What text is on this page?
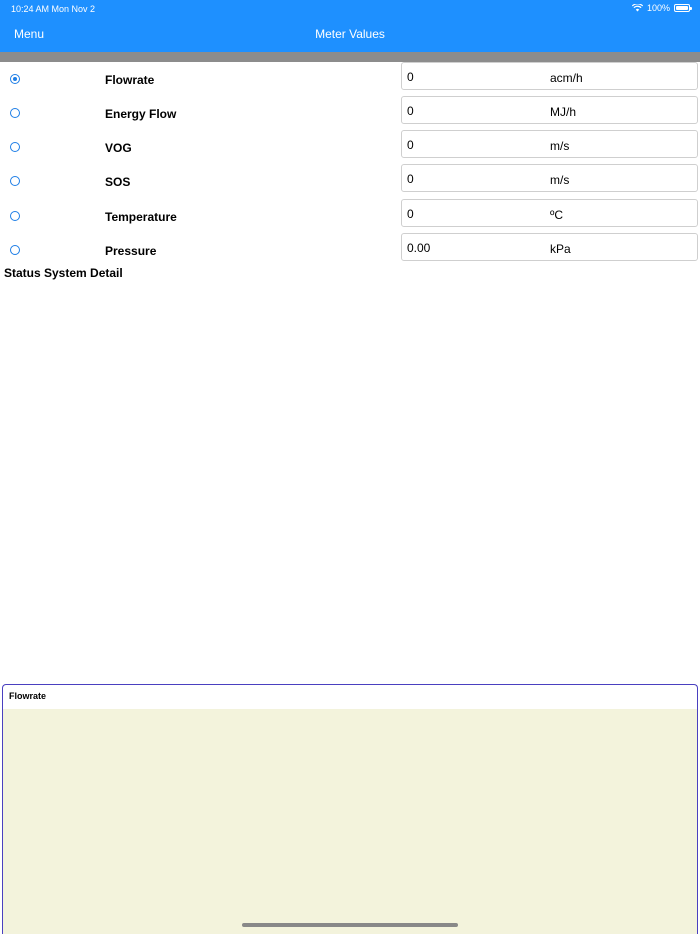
10:24 AM Mon Nov 2	100%
Meter Values
Menu
Flowrate	0	acm/h
Energy Flow	0	MJ/h
VOG	0	m/s
SOS	0	m/s
Temperature	0	ºC
Pressure	0.00	kPa
Status System Detail
Flowrate
